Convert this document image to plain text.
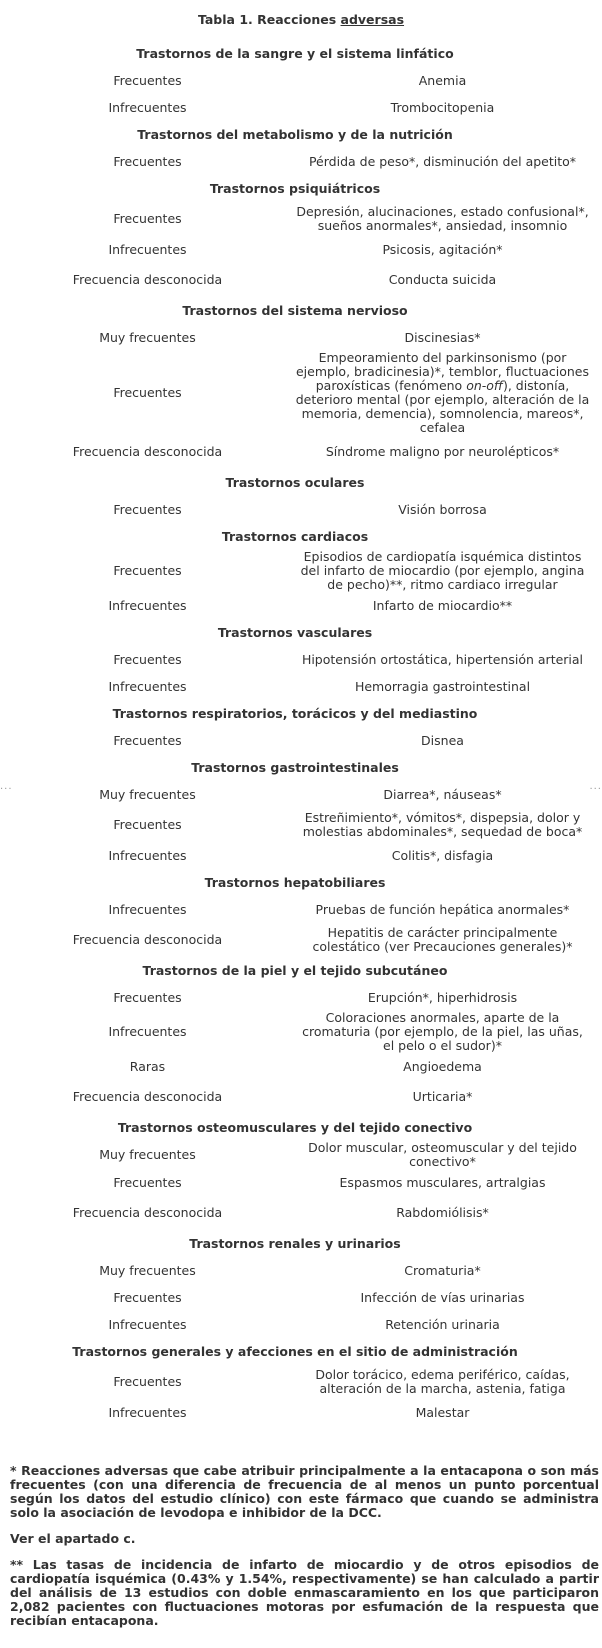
Tabla 1. Reacciones adversas
Trastornos de la sangre y el sistema linfático	
Frecuentes	Anemia
Infrecuentes	Trombocitopenia
Trastornos del metabolismo y de la nutrición	
Frecuentes	Pérdida de peso*, disminución del apetito*
Trastornos psiquiátricos	
Frecuentes	Depresión, alucinaciones, estado confusional*, sueños anormales*, ansiedad, insomnio
Infrecuentes	Psicosis, agitación*
Frecuencia desconocida	Conducta suicida
Trastornos del sistema nervioso	
Muy frecuentes	Discinesias*
Frecuentes	Empeoramiento del parkinsonismo (por ejemplo, bradicinesia)*, temblor, fluctuaciones paroxísticas (fenómeno on-off), distonía, deterioro mental (por ejemplo, alteración de la memoria, demencia), somnolencia, mareos*, cefalea
Frecuencia desconocida	Síndrome maligno por neurolépticos*
Trastornos oculares	
Frecuentes	Visión borrosa
Trastornos cardiacos	
Frecuentes	Episodios de cardiopatía isquémica distintos del infarto de miocardio (por ejemplo, angina de pecho)**, ritmo cardiaco irregular
Infrecuentes	Infarto de miocardio**
Trastornos vasculares	
Frecuentes	Hipotensión ortostática, hipertensión arterial
Infrecuentes	Hemorragia gastrointestinal
Trastornos respiratorios, torácicos y del mediastino	
Frecuentes	Disnea
Trastornos gastrointestinales	
Muy frecuentes	Diarrea*, náuseas*
Frecuentes	Estreñimiento*, vómitos*, dispepsia, dolor y molestias abdominales*, sequedad de boca*
Infrecuentes	Colitis*, disfagia
Trastornos hepatobiliares	
Infrecuentes	Pruebas de función hepática anormales*
Frecuencia desconocida	Hepatitis de carácter principalmente colestático (ver Precauciones generales)*
Trastornos de la piel y el tejido subcutáneo	
Frecuentes	Erupción*, hiperhidrosis
Infrecuentes	Coloraciones anormales, aparte de la cromaturia (por ejemplo, de la piel, las uñas, el pelo o el sudor)*
Raras	Angioedema
Frecuencia desconocida	Urticaria*
Trastornos osteomusculares y del tejido conectivo	
Muy frecuentes	Dolor muscular, osteomuscular y del tejido conectivo*
Frecuentes	Espasmos musculares, artralgias
Frecuencia desconocida	Rabdomiólisis*
Trastornos renales y urinarios	
Muy frecuentes	Cromaturia*
Frecuentes	Infección de vías urinarias
Infrecuentes	Retención urinaria
Trastornos generales y afecciones en el sitio de administración	
Frecuentes	Dolor torácico, edema periférico, caídas, alteración de la marcha, astenia, fatiga
Infrecuentes	Malestar
...	...

* Reacciones adversas que cabe atribuir principalmente a la entacapona o son más frecuentes (con una diferencia de frecuencia de al menos un punto porcentual según los datos del estudio clínico) con este fármaco que cuando se administra solo la asociación de levodopa e inhibidor de la DCC.

Ver el apartado c.

** Las tasas de incidencia de infarto de miocardio y de otros episodios de cardiopatía isquémica (0.43% y 1.54%, respectivamente) se han calculado a partir del análisis de 13 estudios con doble enmascaramiento en los que participaron 2,082 pacientes con fluctuaciones motoras por esfumación de la respuesta que recibían entacapona.
